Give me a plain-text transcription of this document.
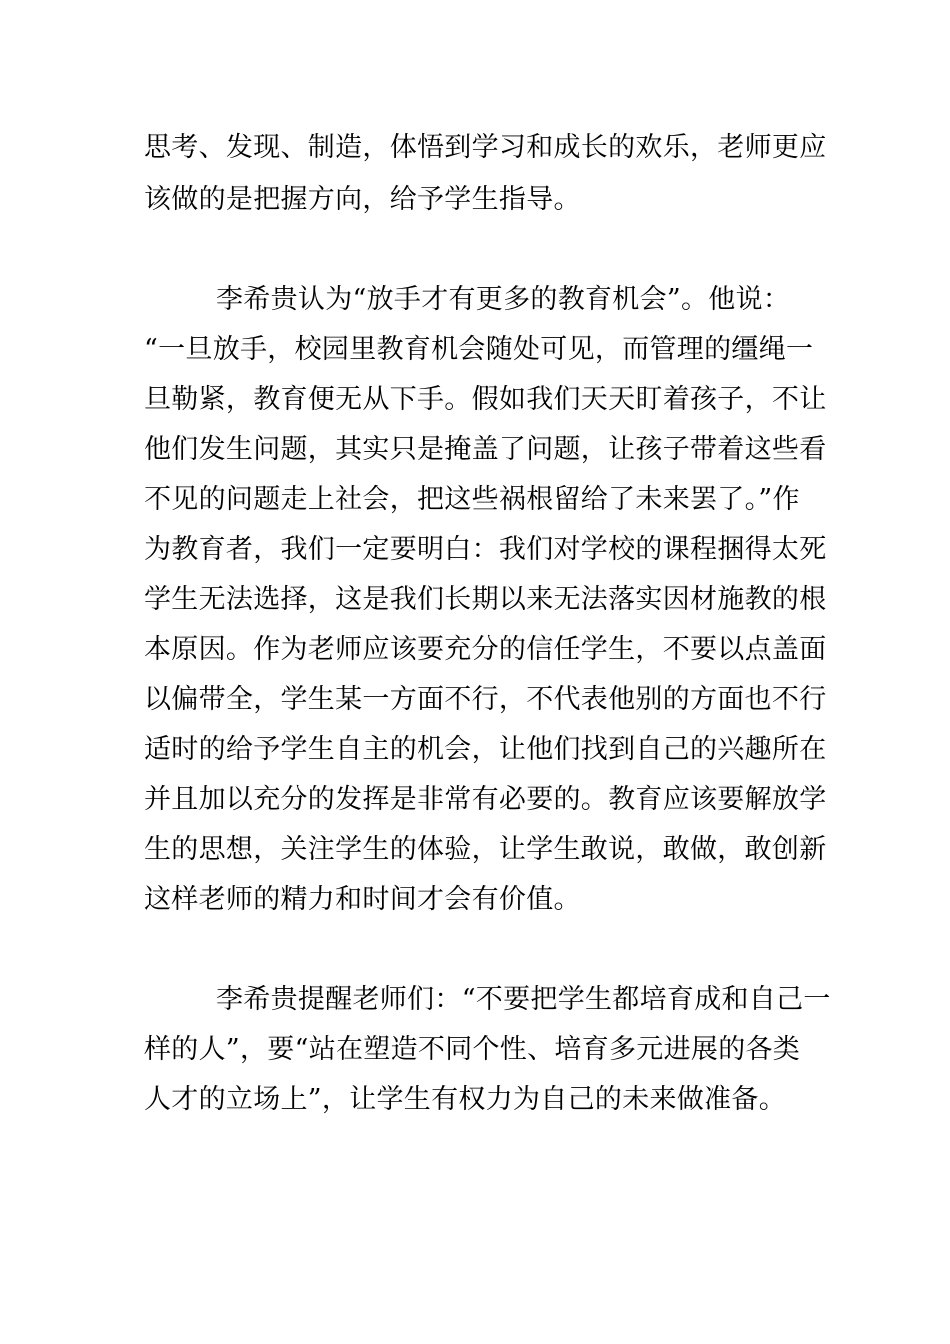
思考、发现、制造，体悟到学习和成长的欢乐，老师更应
该做的是把握方向，给予学生指导。
李希贵认为“放手才有更多的教育机会”。他说：
“一旦放手，校园里教育机会随处可见，而管理的缰绳一
旦勒紧，教育便无从下手。假如我们天天盯着孩子，不让
他们发生问题，其实只是掩盖了问题，让孩子带着这些看
不见的问题走上社会，把这些祸根留给了未来罢了。”作
为教育者，我们一定要明白：我们对学校的课程捆得太死
学生无法选择，这是我们长期以来无法落实因材施教的根
本原因。作为老师应该要充分的信任学生，不要以点盖面
以偏带全，学生某一方面不行，不代表他别的方面也不行
适时的给予学生自主的机会，让他们找到自己的兴趣所在
并且加以充分的发挥是非常有必要的。教育应该要解放学
生的思想，关注学生的体验，让学生敢说，敢做，敢创新
这样老师的精力和时间才会有价值。
李希贵提醒老师们：“不要把学生都培育成和自己一
样的人”，要“站在塑造不同个性、培育多元进展的各类
人才的立场上”，让学生有权力为自己的未来做准备。
